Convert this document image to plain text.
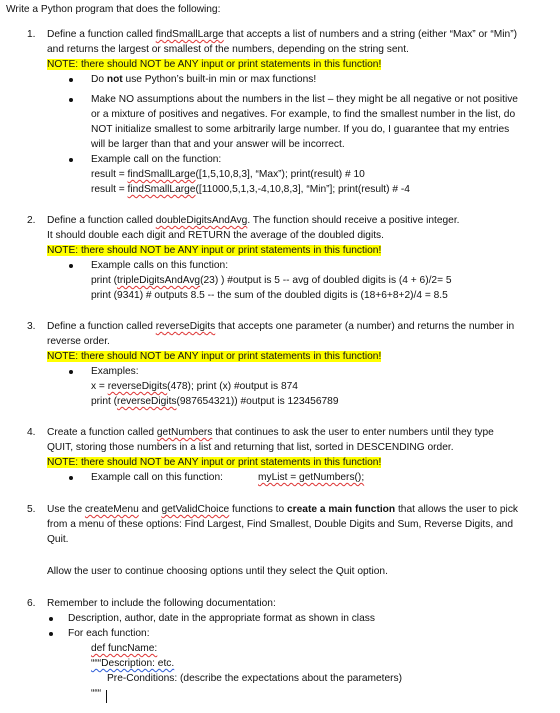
Write a Python program that does the following:
1. Define a function called findSmallLarge that accepts a list of numbers and a string (either “Max” or “Min”)
and returns the largest or smallest of the numbers, depending on the string sent.
NOTE: there should NOT be ANY input or print statements in this function!
Do not use Python’s built-in min or max functions!
Make NO assumptions about the numbers in the list – they might be all negative or not positive
or a mixture of positives and negatives. For example, to find the smallest number in the list, do
NOT initialize smallest to some arbitrarily large number. If you do, I guarantee that my entries
will be larger than that and your answer will be incorrect.
Example call on the function:
result = findSmallLarge([1,5,10,8,3], “Max”); print(result) # 10
result = findSmallLarge([11000,5,1,3,-4,10,8,3], “Min”]; print(result) # -4
2. Define a function called doubleDigitsAndAvg. The function should receive a positive integer.
It should double each digit and RETURN the average of the doubled digits.
NOTE: there should NOT be ANY input or print statements in this function!
Example calls on this function:
print (tripleDigitsAndAvg(23) ) #output is 5 -- avg of doubled digits is (4 + 6)/2= 5
print (9341) # outputs 8.5 -- the sum of the doubled digits is (18+6+8+2)/4 = 8.5
3. Define a function called reverseDigits that accepts one parameter (a number) and returns the number in
reverse order.
NOTE: there should NOT be ANY input or print statements in this function!
Examples:
x = reverseDigits(478); print (x) #output is 874
print (reverseDigits(987654321)) #output is 123456789
4. Create a function called getNumbers that continues to ask the user to enter numbers until they type
QUIT, storing those numbers in a list and returning that list, sorted in DESCENDING order.
NOTE: there should NOT be ANY input or print statements in this function!
Example call on this function:	myList = getNumbers();
5. Use the createMenu and getValidChoice functions to create a main function that allows the user to pick
from a menu of these options: Find Largest, Find Smallest, Double Digits and Sum, Reverse Digits, and
Quit.
Allow the user to continue choosing options until they select the Quit option.
6. Remember to include the following documentation:
Description, author, date in the appropriate format as shown in class
For each function:
def funcName:
“““Description: etc.
Pre-Conditions: (describe the expectations about the parameters)
“““
